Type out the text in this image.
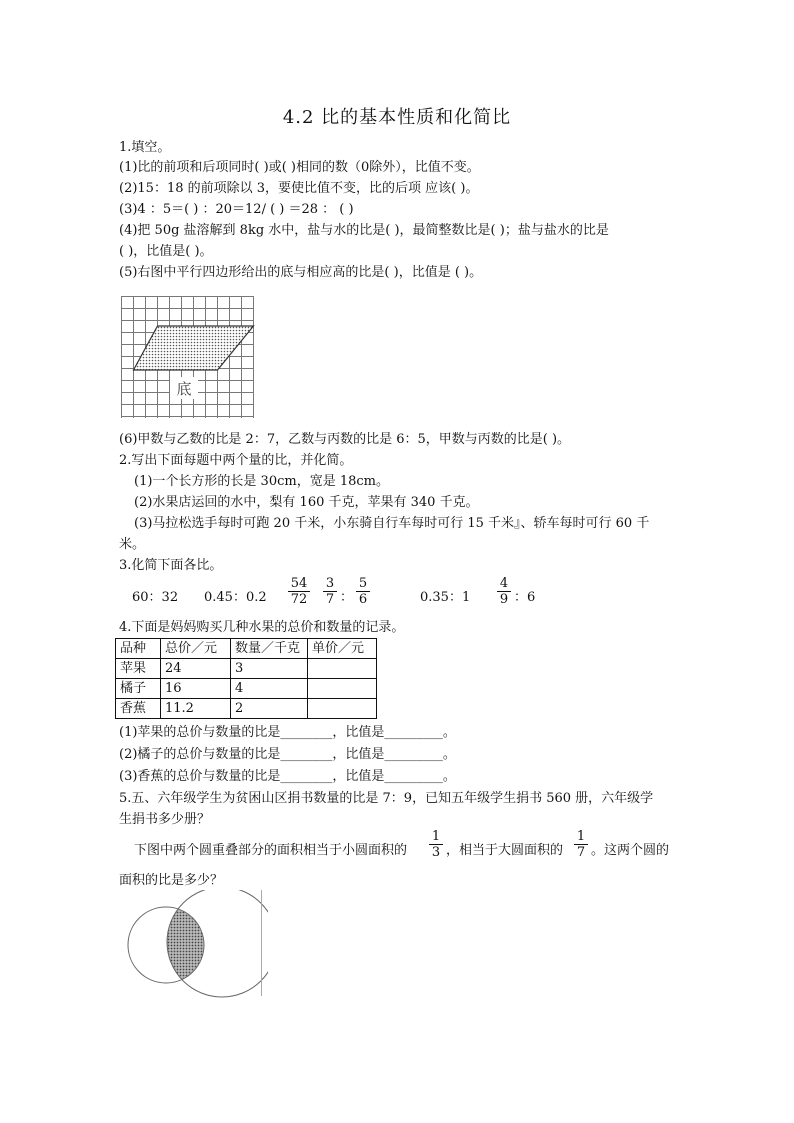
4.2 比的基本性质和化简比
1.填空。
(1)比的前项和后项同时( )或( )相同的数（0除外），比值不变。
(2)15：18 的前项除以 3，要使比值不变，比的后项 应该( )。
(3)4 ：5＝( ) ：20＝12/ ( ) ＝28 ： ( )
(4)把 50g 盐溶解到 8kg 水中，盐与水的比是( )，最简整数比是( )；盐与盐水的比是
( )，比值是( )。
(5)右图中平行四边形给出的底与相应高的比是( )，比值是 ( )。
底
(6)甲数与乙数的比是 2：7，乙数与丙数的比是 6：5，甲数与丙数的比是( )。
2.写出下面每题中两个量的比，并化简。
(1)一个长方形的长是 30cm，宽是 18cm。
(2)水果店运回的水中，梨有 160 千克，苹果有 340 千克。
(3)马拉松选手每时可跑 20 千米，小东骑自行车每时可行 15 千米』、轿车每时可行 60 千
米。
3.化简下面各比。
60：32 0.45：$0.2 \frac{54}{72} \frac{3}{7}$ ： $\frac{5}{6}$	0.35：$1 \frac{4}{9}$ ：6
4.下面是妈妈购买几种水果的总价和数量的记录。
品种	总价／元	数量／千克	单价／元
苹果	24	3	
橘子	16	4	
香蕉	11.2	2	
(1)苹果的总价与数量的比是________，比值是_________。
(2)橘子的总价与数量的比是________，比值是_________。
(3)香蕉的总价与数量的比是________，比值是_________。
5.五、六年级学生为贫困山区捐书数量的比是 7：9，已知五年级学生捐书 560 册，六年级学
生捐书多少册？
下图中两个圆重叠部分的面积相当于小圆面积的 $\frac{1}{3}$ ，相当于大圆面积的 $\frac{1}{7}$ 。这两个圆的
面积的比是多少？
